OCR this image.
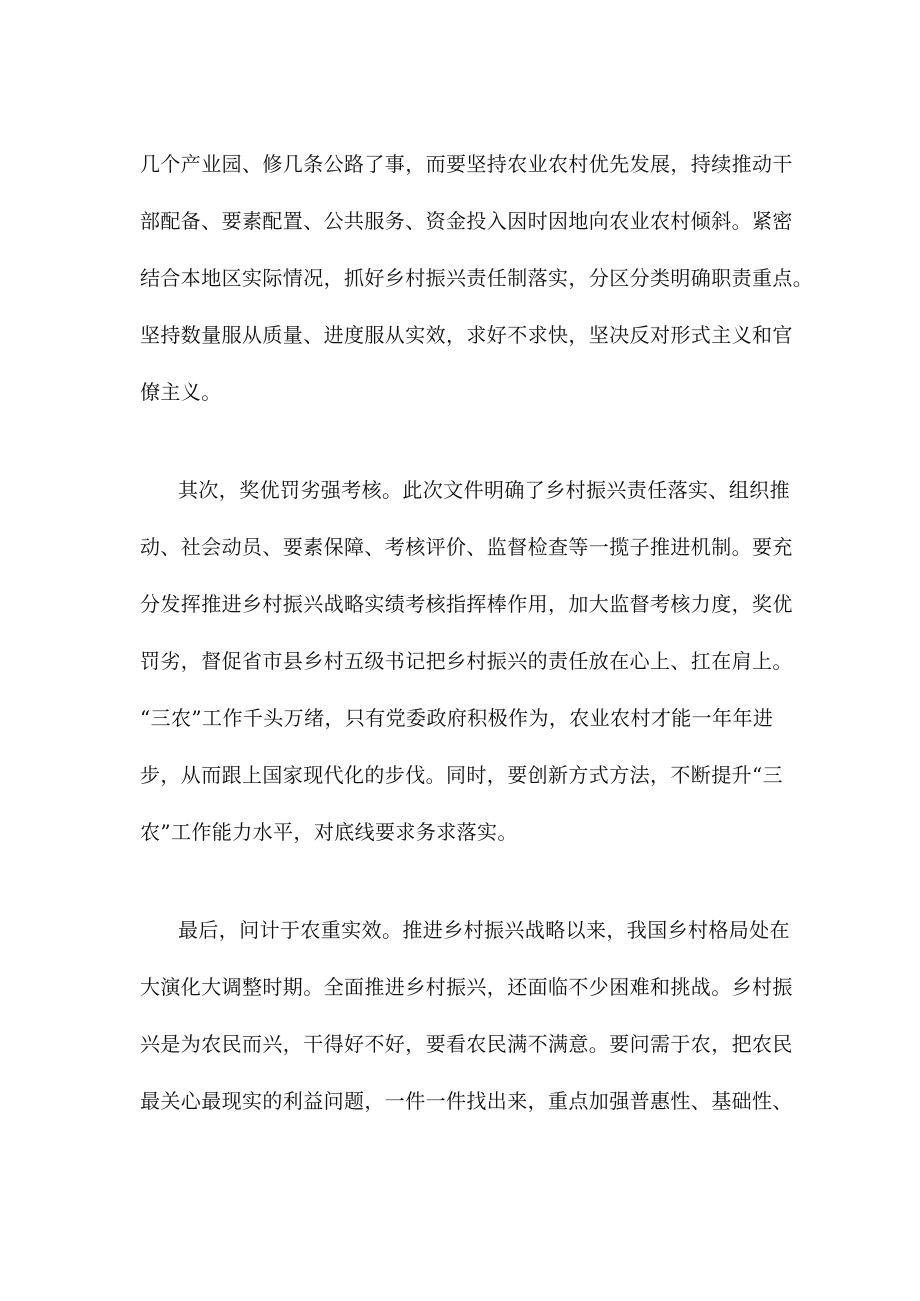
几个产业园、修几条公路了事，而要坚持农业农村优先发展，持续推动干
部配备、要素配置、公共服务、资金投入因时因地向农业农村倾斜。紧密
结合本地区实际情况，抓好乡村振兴责任制落实，分区分类明确职责重点。
坚持数量服从质量、进度服从实效，求好不求快，坚决反对形式主义和官
僚主义。
其次，奖优罚劣强考核。此次文件明确了乡村振兴责任落实、组织推
动、社会动员、要素保障、考核评价、监督检查等一揽子推进机制。要充
分发挥推进乡村振兴战略实绩考核指挥棒作用，加大监督考核力度，奖优
罚劣，督促省市县乡村五级书记把乡村振兴的责任放在心上、扛在肩上。
“三农”工作千头万绪，只有党委政府积极作为，农业农村才能一年年进
步，从而跟上国家现代化的步伐。同时，要创新方式方法，不断提升“三
农”工作能力水平，对底线要求务求落实。
最后，问计于农重实效。推进乡村振兴战略以来，我国乡村格局处在
大演化大调整时期。全面推进乡村振兴，还面临不少困难和挑战。乡村振
兴是为农民而兴，干得好不好，要看农民满不满意。要问需于农，把农民
最关心最现实的利益问题，一件一件找出来，重点加强普惠性、基础性、
